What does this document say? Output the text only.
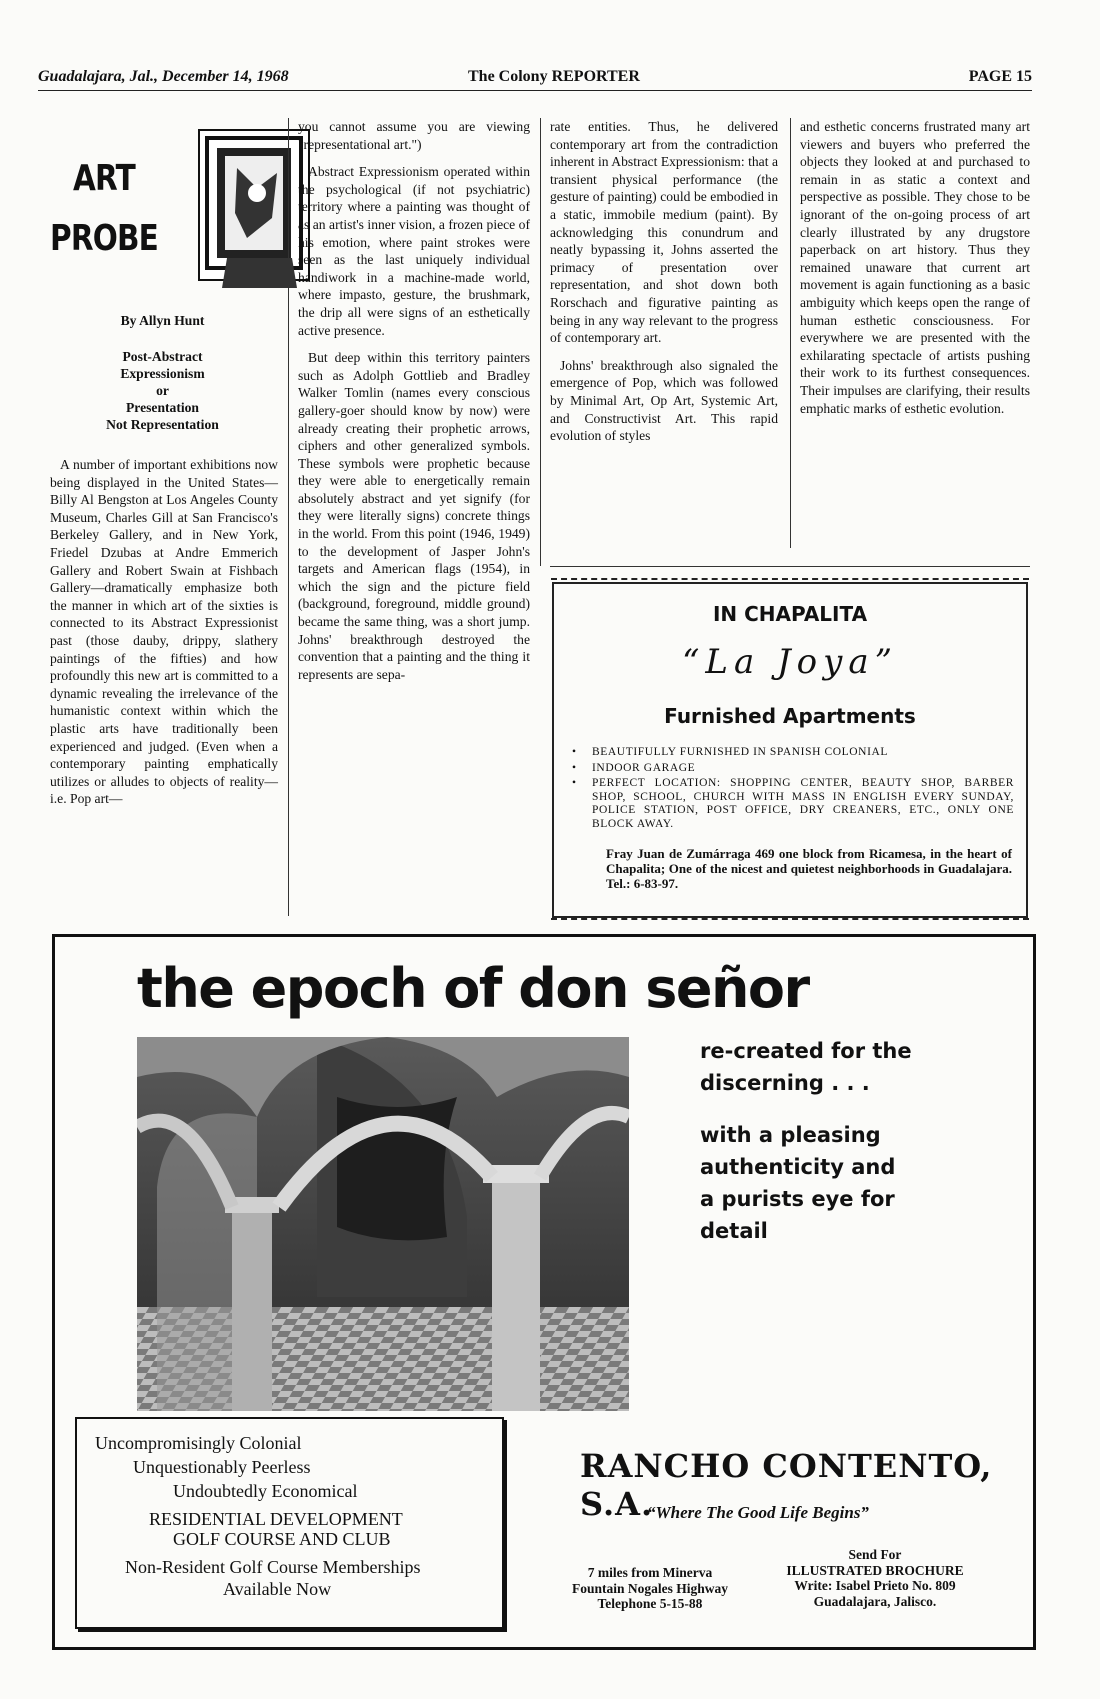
Guadalajara, Jal., December 14, 1968	The Colony REPORTER	PAGE 15
ART
PROBE
By Allyn Hunt
Post-Abstract
Expressionism
or
Presentation
Not Representation

A number of important exhibitions now being displayed in the United States—Billy Al Bengston at Los Angeles County Museum, Charles Gill at San Francisco's Berkeley Gallery, and in New York, Friedel Dzubas at Andre Emmerich Gallery and Robert Swain at Fishbach Gallery—dramatically emphasize both the manner in which art of the sixties is connected to its Abstract Expressionist past (those dauby, drippy, slathery paintings of the fifties) and how profoundly this new art is committed to a dynamic revealing the irrelevance of the humanistic context within which the plastic arts have traditionally been experienced and judged. (Even when a contemporary painting emphatically utilizes or alludes to objects of reality—i.e. Pop art—

you cannot assume you are viewing "representational art.")

Abstract Expressionism operated within the psychological (if not psychiatric) territory where a painting was thought of as an artist's inner vision, a frozen piece of his emotion, where paint strokes were seen as the last uniquely individual handiwork in a machine-made world, where impasto, gesture, the brushmark, the drip all were signs of an esthetically active presence.

But deep within this territory painters such as Adolph Gottlieb and Bradley Walker Tomlin (names every conscious gallery-goer should know by now) were already creating their prophetic arrows, ciphers and other generalized symbols. These symbols were prophetic because they were able to energetically remain absolutely abstract and yet signify (for they were literally signs) concrete things in the world. From this point (1946, 1949) to the development of Jasper John's targets and American flags (1954), in which the sign and the picture field (background, foreground, middle ground) became the same thing, was a short jump. Johns' breakthrough destroyed the convention that a painting and the thing it represents are sepa-

rate entities. Thus, he delivered contemporary art from the contradiction inherent in Abstract Expressionism: that a transient physical performance (the gesture of painting) could be embodied in a static, immobile medium (paint). By acknowledging this conundrum and neatly bypassing it, Johns asserted the primacy of presentation over representation, and shot down both Rorschach and figurative painting as being in any way relevant to the progress of contemporary art.

Johns' breakthrough also signaled the emergence of Pop, which was followed by Minimal Art, Op Art, Systemic Art, and Constructivist Art. This rapid evolution of styles

and esthetic concerns frustrated many art viewers and buyers who preferred the objects they looked at and purchased to remain in as static a context and perspective as possible. They chose to be ignorant of the on-going process of art clearly illustrated by any drugstore paperback on art history. Thus they remained unaware that current art movement is again functioning as a basic ambiguity which keeps open the range of human esthetic consciousness. For everywhere we are presented with the exhilarating spectacle of artists pushing their work to its furthest consequences. Their impulses are clarifying, their results emphatic marks of esthetic evolution.

IN CHAPALITA
“La Joya”
Furnished Apartments
• BEAUTIFULLY FURNISHED IN SPANISH COLONIAL
• INDOOR GARAGE
• PERFECT LOCATION: SHOPPING CENTER, BEAUTY SHOP, BARBER SHOP, SCHOOL, CHURCH WITH MASS IN ENGLISH EVERY SUNDAY, POLICE STATION, POST OFFICE, DRY CREANERS, ETC., ONLY ONE BLOCK AWAY.
Fray Juan de Zumárraga 469 one block from Ricamesa, in the heart of Chapalita; One of the nicest and quietest neighborhoods in Guadalajara. Tel.: 6-83-97.
the epoch of don señor
re-created for the
discerning . . .
with a pleasing
authenticity and
a purists eye for
detail
Uncompromisingly Colonial
Unquestionably Peerless
Undoubtedly Economical
RESIDENTIAL DEVELOPMENT
GOLF COURSE AND CLUB
Non-Resident Golf Course Memberships
Available Now
RANCHO CONTENTO, S.A.
“Where The Good Life Begins”
7 miles from Minerva
Fountain Nogales Highway
Telephone 5-15-88
Send For
ILLUSTRATED BROCHURE
Write: Isabel Prieto No. 809
Guadalajara, Jalisco.
